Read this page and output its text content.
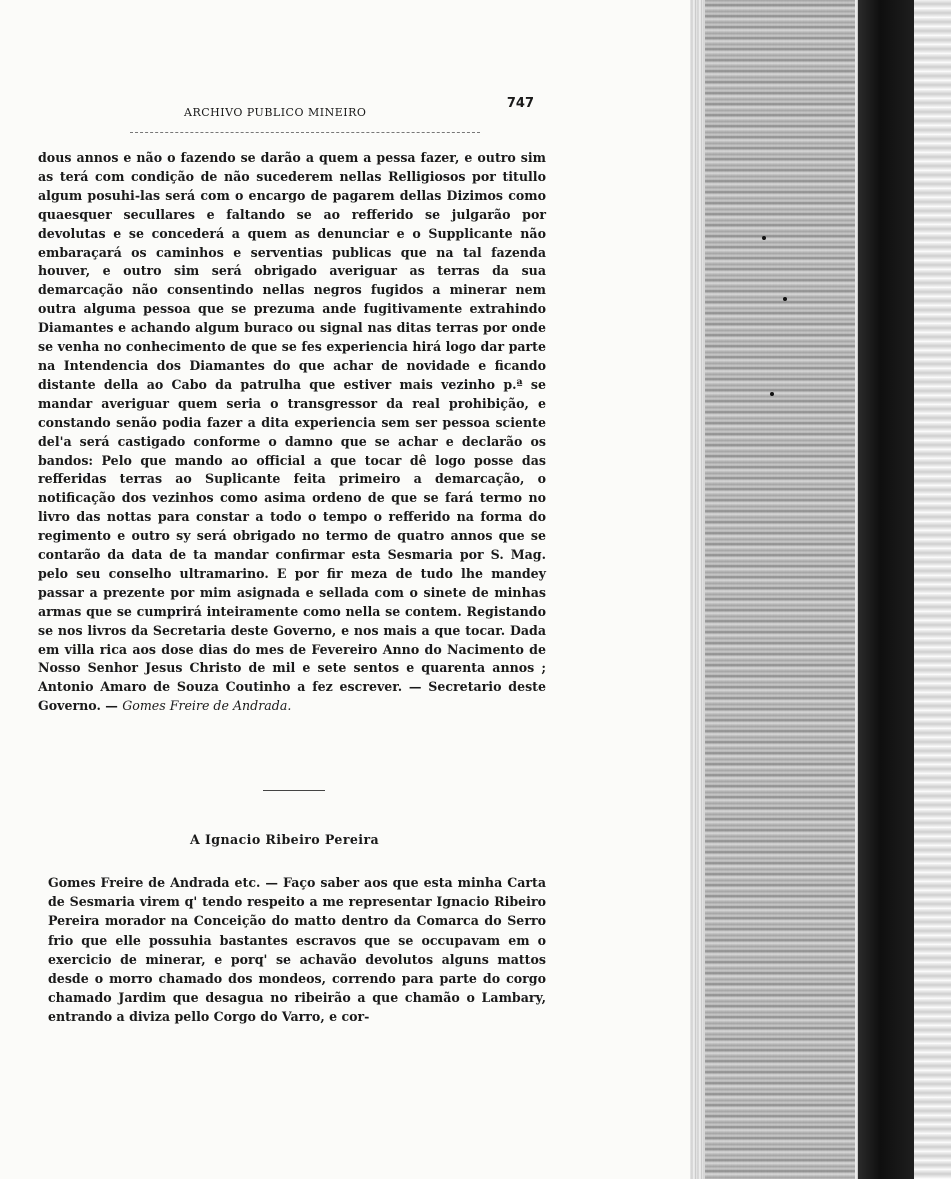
ARCHIVO PUBLICO MINEIRO
747

dous annos e não o fazendo se darão a quem a pessa fazer, e outro sim as terá com condição de não sucederem nellas Relligiosos por titullo algum posuhi-las será com o encargo de pagarem dellas Dizimos como quaesquer secullares e faltando se ao refferido se julgarão por devolutas e se concederá a quem as denunciar e o Supplicante não embaraçará os caminhos e serventias publicas que na tal fazenda houver, e outro sim será obrigado averiguar as terras da sua demarcação não consentindo nellas negros fugidos a minerar nem outra alguma pessoa que se prezuma ande fugitivamente extrahindo Diamantes e achando algum buraco ou signal nas ditas terras por onde se venha no conhecimento de que se fes experiencia hirá logo dar parte na Intendencia dos Diamantes do que achar de novidade e ficando distante della ao Cabo da patrulha que estiver mais vezinho p.ª se mandar averiguar quem seria o transgressor da real prohibição, e constando senão podia fazer a dita experiencia sem ser pessoa sciente del'a será castigado conforme o damno que se achar e declarão os bandos: Pelo que mando ao official a que tocar dê logo posse das refferidas terras ao Suplicante feita primeiro a demarcação, o notificação dos vezinhos como asima ordeno de que se fará termo no livro das nottas para constar a todo o tempo o refferido na forma do regimento e outro sy será obrigado no termo de quatro annos que se contarão da data de ta mandar confirmar esta Sesmaria por S. Mag. pelo seu conselho ultramarino. E por fir meza de tudo lhe mandey passar a prezente por mim asignada e sellada com o sinete de minhas armas que se cumprirá inteiramente como nella se contem. Registando se nos livros da Secretaria deste Governo, e nos mais a que tocar. Dada em villa rica aos dose dias do mes de Fevereiro Anno do Nacimento de Nosso Senhor Jesus Christo de mil e sete sentos e quarenta annos ; Antonio Amaro de Souza Coutinho a fez escrever. — Secretario deste Governo. — Gomes Freire de Andrada.

A Ignacio Ribeiro Pereira

Gomes Freire de Andrada etc. — Faço saber aos que esta minha Carta de Sesmaria virem q' tendo respeito a me representar Ignacio Ribeiro Pereira morador na Conceição do matto dentro da Comarca do Serro frio que elle possuhia bastantes escravos que se occupavam em o exercicio de minerar, e porq' se achavão devolutos alguns mattos desde o morro chamado dos mondeos, correndo para parte do corgo chamado Jardim que desagua no ribeirão a que chamão o Lambary, entrando a diviza pello Corgo do Varro, e cor-
